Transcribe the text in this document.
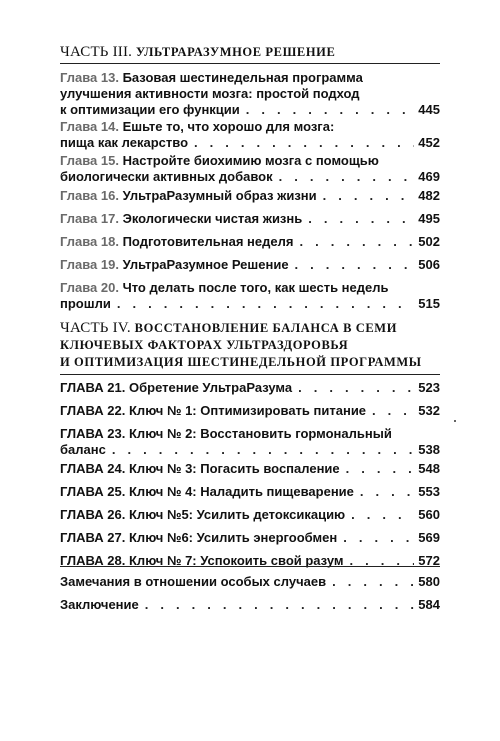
ЧАСТЬ III. УЛЬТРАРАЗУМНОЕ РЕШЕНИЕ
Глава 13. Базовая шестинедельная программа
улучшения активности мозга: простой подход
к оптимизации его функции . . .	445
Глава 14. Ешьте то, что хорошо для мозга:
пища как лекарство . . .	452
Глава 15. Настройте биохимию мозга с помощью
биологически активных добавок . . .	469
Глава 16. УльтраРазумный образ жизни . . .	482
Глава 17. Экологически чистая жизнь . . .	495
Глава 18. Подготовительная неделя . . .	502
Глава 19. УльтраРазумное Решение . . .	506
Глава 20. Что делать после того, как шесть недель
прошли . . .	515
ЧАСТЬ IV. ВОССТАНОВЛЕНИЕ БАЛАНСА В СЕМИ
КЛЮЧЕВЫХ ФАКТОРАХ УЛЬТРАЗДОРОВЬЯ
И ОПТИМИЗАЦИЯ ШЕСТИНЕДЕЛЬНОЙ ПРОГРАММЫ
ГЛАВА 21. Обретение УльтраРазума . . .	523
ГЛАВА 22. Ключ № 1: Оптимизировать питание . . .	532
ГЛАВА 23. Ключ № 2: Восстановить гормональный
баланс . . .	538
ГЛАВА 24. Ключ № 3: Погасить воспаление . . .	548
ГЛАВА 25. Ключ № 4: Наладить пищеварение . . .	553
ГЛАВА 26. Ключ №5: Усилить детоксикацию . . .	560
ГЛАВА 27. Ключ №6: Усилить энергообмен . . .	569
ГЛАВА 28. Ключ № 7: Успокоить свой разум . . .	572
Замечания в отношении особых случаев . . .	580
Заключение . . .	584
